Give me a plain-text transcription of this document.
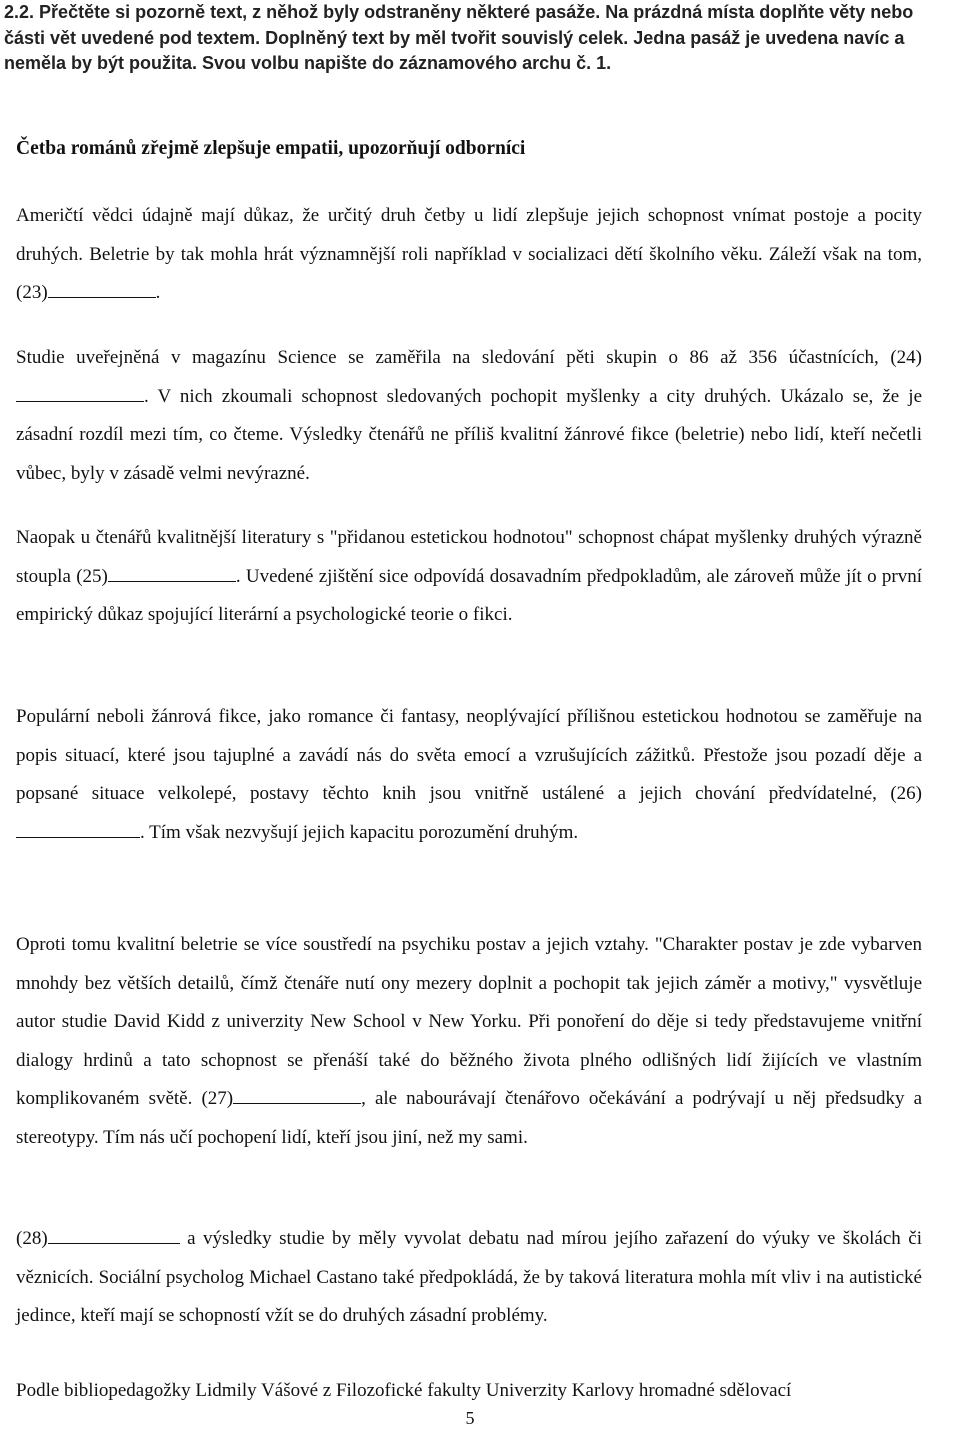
2.2. Přečtěte si pozorně text, z něhož byly odstraněny některé pasáže. Na prázdná místa doplňte věty nebo části vět uvedené pod textem. Doplněný text by měl tvořit souvislý celek. Jedna pasáž je uvedena navíc a neměla by být použita. Svou volbu napište do záznamového archu č. 1.

Četba románů zřejmě zlepšuje empatii, upozorňují odborníci

Američtí vědci údajně mají důkaz, že určitý druh četby u lidí zlepšuje jejich schopnost vnímat postoje a pocity druhých. Beletrie by tak mohla hrát významnější roli například v socializaci dětí školního věku. Záleží však na tom, (23)	.

Studie uveřejněná v magazínu Science se zaměřila na sledování pěti skupin o 86 až 356 účastnících, (24). V nich zkoumali schopnost sledovaných pochopit myšlenky a city druhých. Ukázalo se, že je zásadní rozdíl mezi tím, co čteme. Výsledky čtenářů ne příliš kvalitní žánrové fikce (beletrie) nebo lidí, kteří nečetli vůbec, byly v zásadě velmi nevýrazné.

Naopak u čtenářů kvalitnější literatury s "přidanou estetickou hodnotou" schopnost chápat myšlenky druhých výrazně stoupla (25)	. Uvedené zjištění sice odpovídá dosavadním předpokladům, ale zároveň může jít o první empirický důkaz spojující literární a psychologické teorie o fikci.

Populární neboli žánrová fikce, jako romance či fantasy, neoplývající přílišnou estetickou hodnotou se zaměřuje na popis situací, které jsou tajuplné a zavádí nás do světa emocí a vzrušujících zážitků. Přestože jsou pozadí děje a popsané situace velkolepé, postavy těchto knih jsou vnitřně ustálené a jejich chování předvídatelné, (26). Tím však nezvyšují jejich kapacitu porozumění druhým.

Oproti tomu kvalitní beletrie se více soustředí na psychiku postav a jejich vztahy. "Charakter postav je zde vybarven mnohdy bez větších detailů, čímž čtenáře nutí ony mezery doplnit a pochopit tak jejich záměr a motivy," vysvětluje autor studie David Kidd z univerzity New School v New Yorku. Při ponoření do děje si tedy představujeme vnitřní dialogy hrdinů a tato schopnost se přenáší také do běžného života plného odlišných lidí žijících ve vlastním komplikovaném světě. (27)	, ale nabourávají čtenářovo očekávání a podrývají u něj předsudky a stereotypy. Tím nás učí pochopení lidí, kteří jsou jiní, než my sami.

(28)	a výsledky studie by měly vyvolat debatu nad mírou jejího zařazení do výuky ve školách či věznicích. Sociální psycholog Michael Castano také předpokládá, že by taková literatura mohla mít vliv i na autistické jedince, kteří mají se schopností vžít se do druhých zásadní problémy.

Podle bibliopedagožky Lidmily Vášové z Filozofické fakulty Univerzity Karlovy hromadné sdělovací

5
